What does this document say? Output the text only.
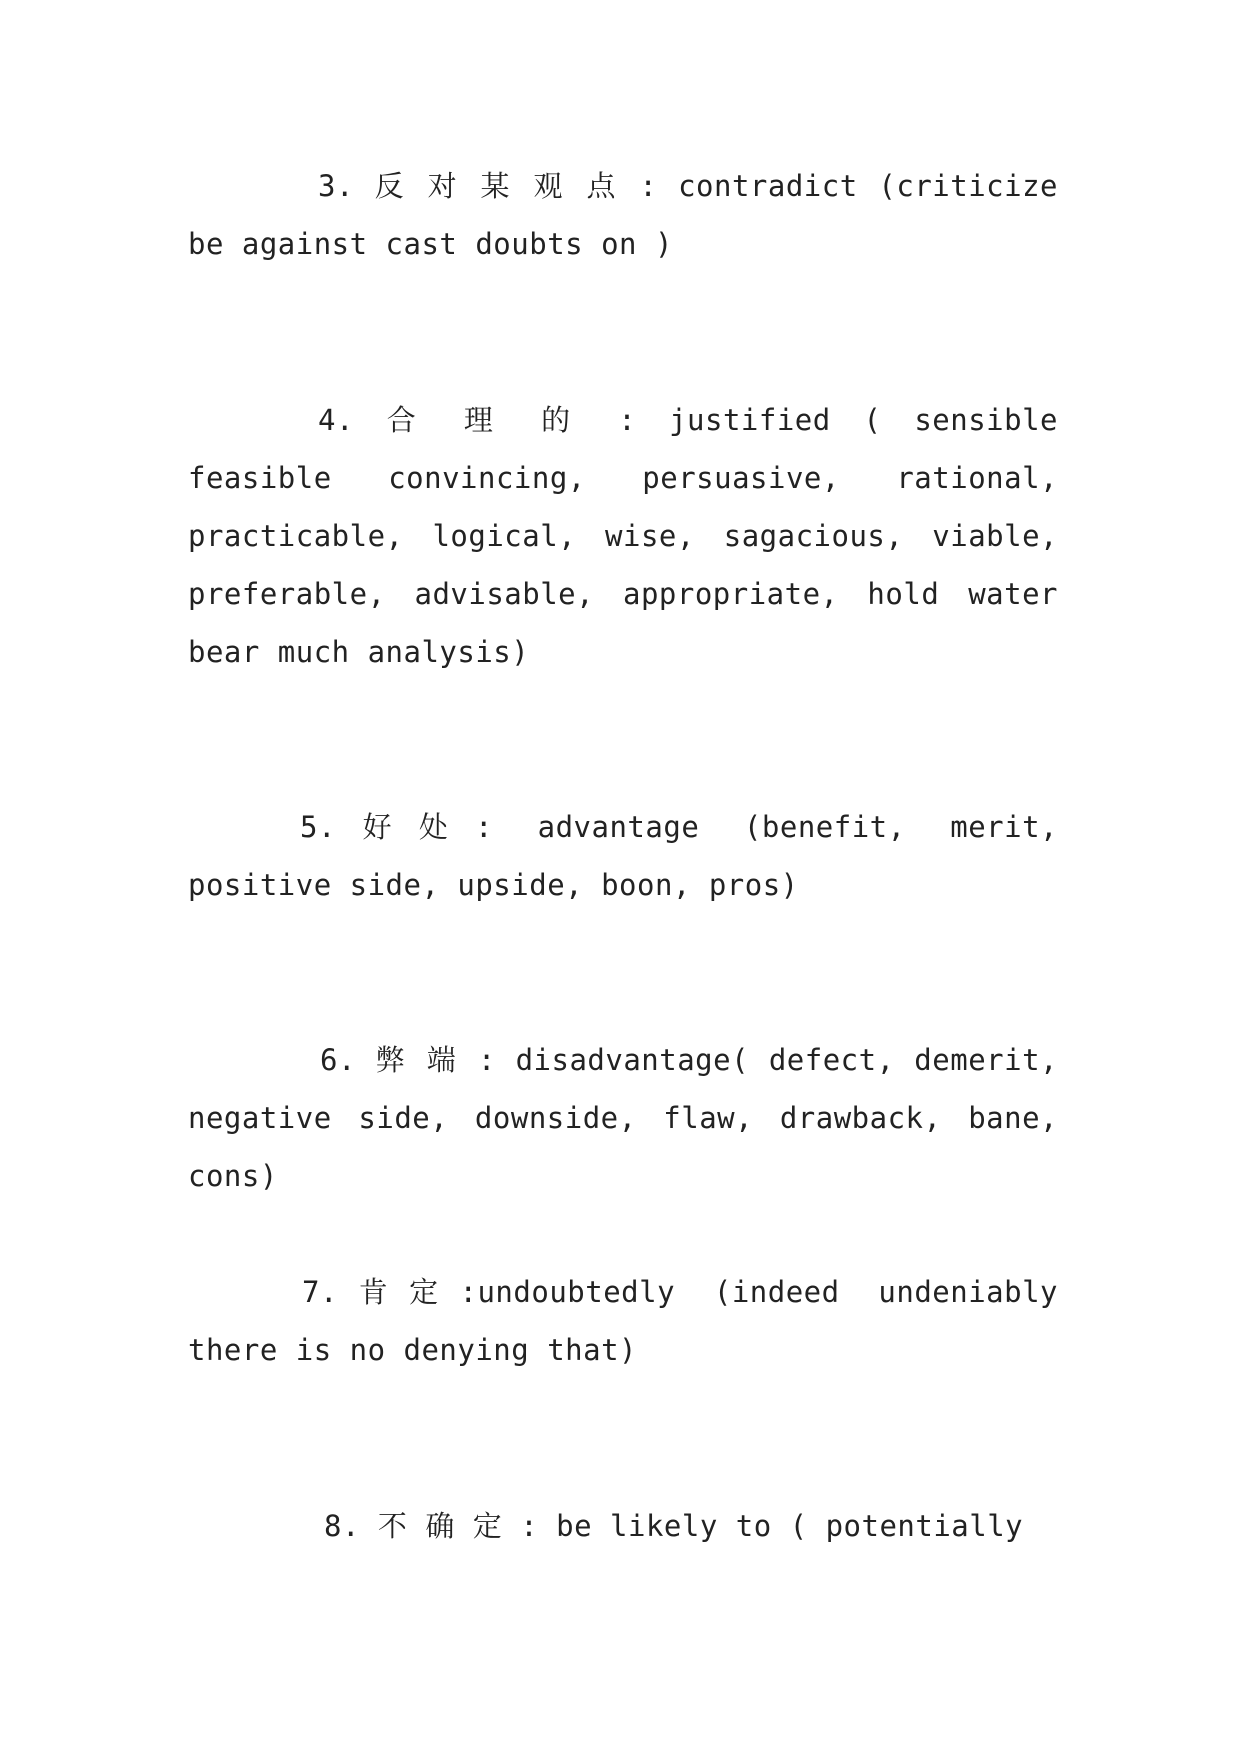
3. 反 对 某 观 点 : contradict (criticize be against cast doubts on )

4. 合 理 的 : justified ( sensible feasible convincing, persuasive, rational, practicable, logical, wise, sagacious, viable, preferable, advisable, appropriate, hold water bear much analysis)

5.好处: advantage (benefit, merit, positive side, upside, boon, pros)

6. 弊 端 : disadvantage( defect, demerit, negative side, downside, flaw, drawback, bane, cons)

7.肯定:undoubtedly (indeed undeniably there is no denying that)

8. 不 确 定 : be likely to ( potentially
